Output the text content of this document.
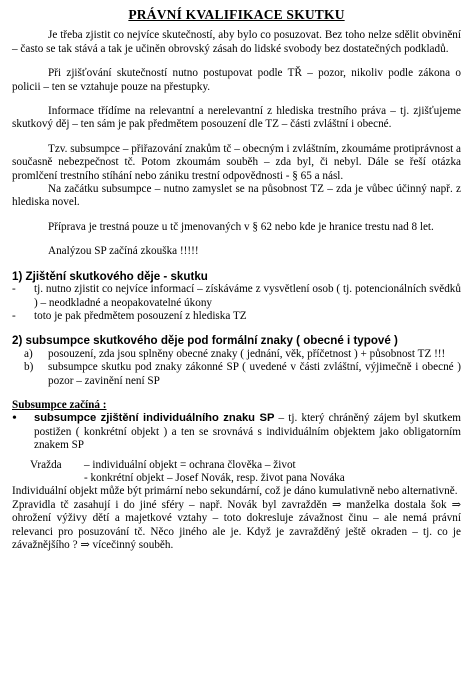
PRÁVNÍ KVALIFIKACE SKUTKU

Je třeba zjistit co nejvíce skutečností, aby bylo co posuzovat. Bez toho nelze sdělit obvinění – často se tak stává a tak je učiněn obrovský zásah do lidské svobody bez dostatečných podkladů.

Při zjišťování skutečností nutno postupovat podle TŘ – pozor, nikoliv podle zákona o policii – ten se vztahuje pouze na přestupky.

Informace třídíme na relevantní a nerelevantní z hlediska trestního práva – tj. zjišťujeme skutkový děj – ten sám je pak předmětem posouzení dle TZ – části zvláštní i obecné.

Tzv. subsumpce – přiřazování znakům tč – obecným i zvláštním, zkoumáme protiprávnost a současně nebezpečnost tč. Potom zkoumám souběh – zda byl, či nebyl. Dále se řeší otázka promlčení trestního stíhání nebo zániku trestní odpovědnosti - § 65 a násl.

Na začátku subsumpce – nutno zamyslet se na působnost TZ – zda je vůbec účinný např. z hlediska novel.

Příprava je trestná pouze u tč jmenovaných v § 62 nebo kde je hranice trestu nad 8 let.

Analýzou SP začíná zkouška !!!!!

1) Zjištění skutkového děje - skutku
-	tj. nutno zjistit co nejvíce informací – získáváme z vysvětlení osob ( tj. potencionálních svědků ) – neodkladné a neopakovatelné úkony
-	toto je pak předmětem posouzení z hlediska TZ
2) subsumpce skutkového děje pod formální znaky ( obecné i typové )
a)	posouzení, zda jsou splněny obecné znaky ( jednání, věk, příčetnost ) + působnost TZ !!!
b)	subsumpce skutku pod znaky zákonné SP ( uvedené v části zvláštní, výjimečně i obecné ) pozor – zavinění není SP
Subsumpce začíná :
•	subsumpce zjištění individuálního znaku SP – tj. který chráněný zájem byl skutkem postižen ( konkrétní objekt ) a ten se srovnává s individuálním objektem jako obligatorním znakem SP
Vražda	– individuální objekt = ochrana člověka – život
- konkrétní objekt – Josef Novák, resp. život pana Nováka

Individuální objekt může být primární nebo sekundární, což je dáno kumulativně nebo alternativně.

Zpravidla tč zasahují i do jiné sféry – např. Novák byl zavražděn ⇒ manželka dostala šok ⇒ ohrožení výživy dětí a majetkové vztahy – toto dokresluje závažnost činu – ale nemá právní relevanci pro posuzování tč. Něco jiného ale je. Když je zavražděný ještě okraden – tj. co je závažnějšího ? ⇒ vícečinný souběh.
